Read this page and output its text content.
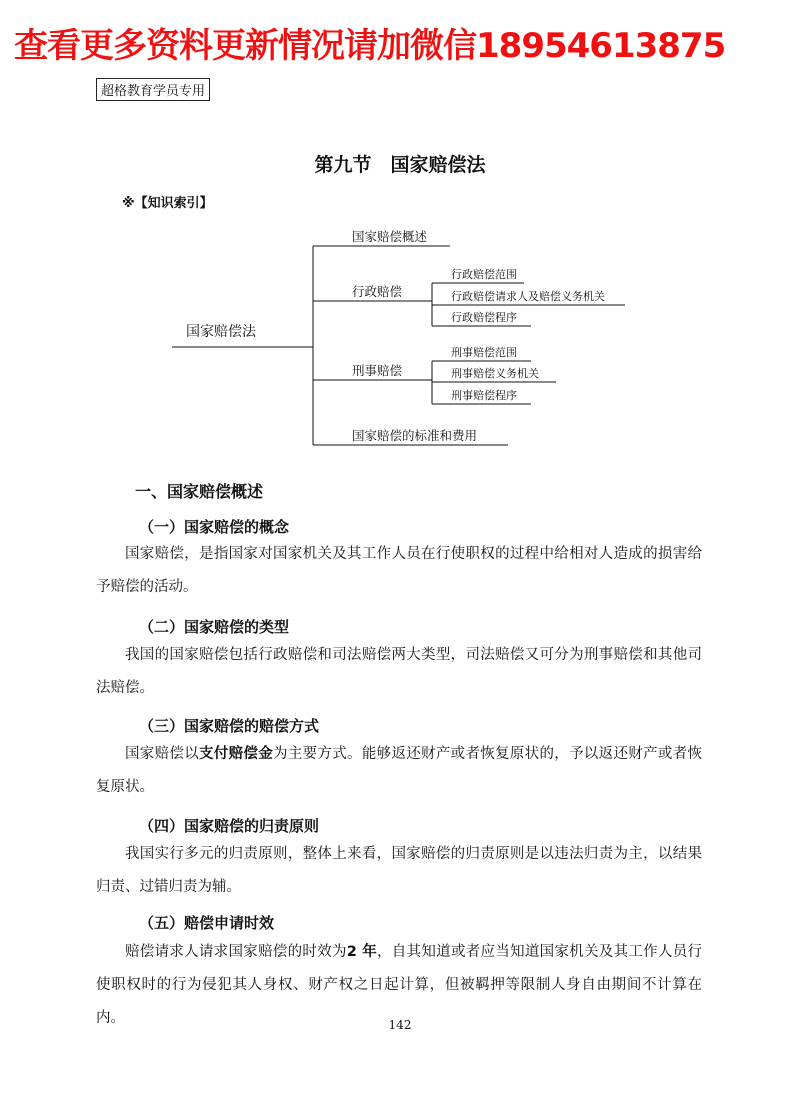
查看更多资料更新情况请加微信18954613875
超格教育学员专用
第九节　国家赔偿法
※【知识索引】
国家赔偿法
国家赔偿概述
行政赔偿
行政赔偿范围
行政赔偿请求人及赔偿义务机关
行政赔偿程序
刑事赔偿
刑事赔偿范围
刑事赔偿义务机关
刑事赔偿程序
国家赔偿的标准和费用
一、国家赔偿概述
（一）国家赔偿的概念

国家赔偿，是指国家对国家机关及其工作人员在行使职权的过程中给相对人造成的损害给予赔偿的活动。

（二）国家赔偿的类型

我国的国家赔偿包括行政赔偿和司法赔偿两大类型，司法赔偿又可分为刑事赔偿和其他司法赔偿。

（三）国家赔偿的赔偿方式

国家赔偿以支付赔偿金为主要方式。能够返还财产或者恢复原状的，予以返还财产或者恢复原状。

（四）国家赔偿的归责原则

我国实行多元的归责原则，整体上来看，国家赔偿的归责原则是以违法归责为主，以结果归责、过错归责为辅。

（五）赔偿申请时效

赔偿请求人请求国家赔偿的时效为2 年，自其知道或者应当知道国家机关及其工作人员行使职权时的行为侵犯其人身权、财产权之日起计算，但被羁押等限制人身自由期间不计算在内。	142
